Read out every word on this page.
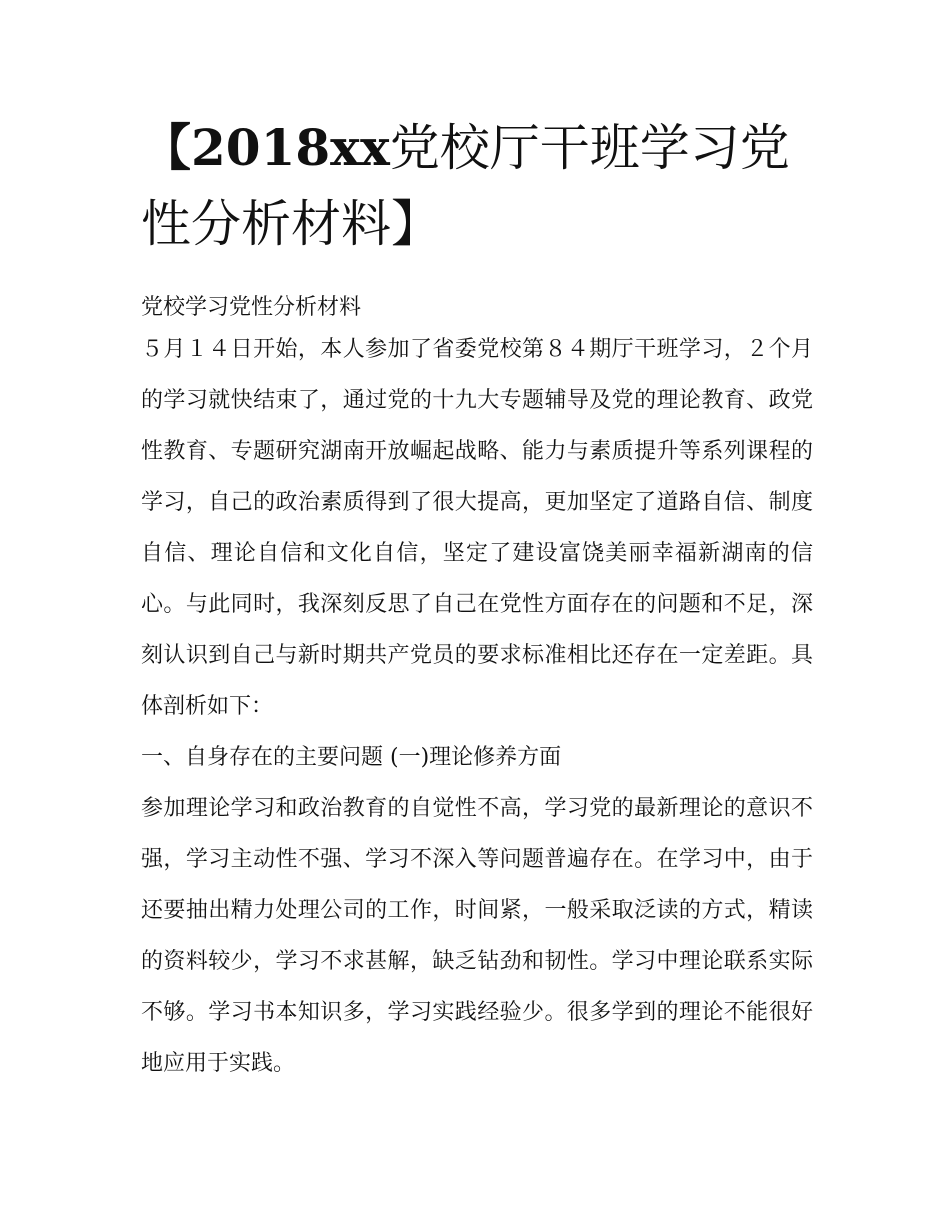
【2018xx党校厅干班学习党性分析材料】
党校学习党性分析材料

５月１４日开始，本人参加了省委党校第８４期厅干班学习，２个月的学习就快结束了，通过党的十九大专题辅导及党的理论教育、政党性教育、专题研究湖南开放崛起战略、能力与素质提升等系列课程的学习，自己的政治素质得到了很大提高，更加坚定了道路自信、制度自信、理论自信和文化自信，坚定了建设富饶美丽幸福新湖南的信心。与此同时，我深刻反思了自己在党性方面存在的问题和不足，深刻认识到自己与新时期共产党员的要求标准相比还存在一定差距。具体剖析如下：

一、自身存在的主要问题 (一)理论修养方面

参加理论学习和政治教育的自觉性不高，学习党的最新理论的意识不强，学习主动性不强、学习不深入等问题普遍存在。在学习中，由于还要抽出精力处理公司的工作，时间紧，一般采取泛读的方式，精读的资料较少，学习不求甚解，缺乏钻劲和韧性。学习中理论联系实际不够。学习书本知识多，学习实践经验少。很多学到的理论不能很好地应用于实践。
